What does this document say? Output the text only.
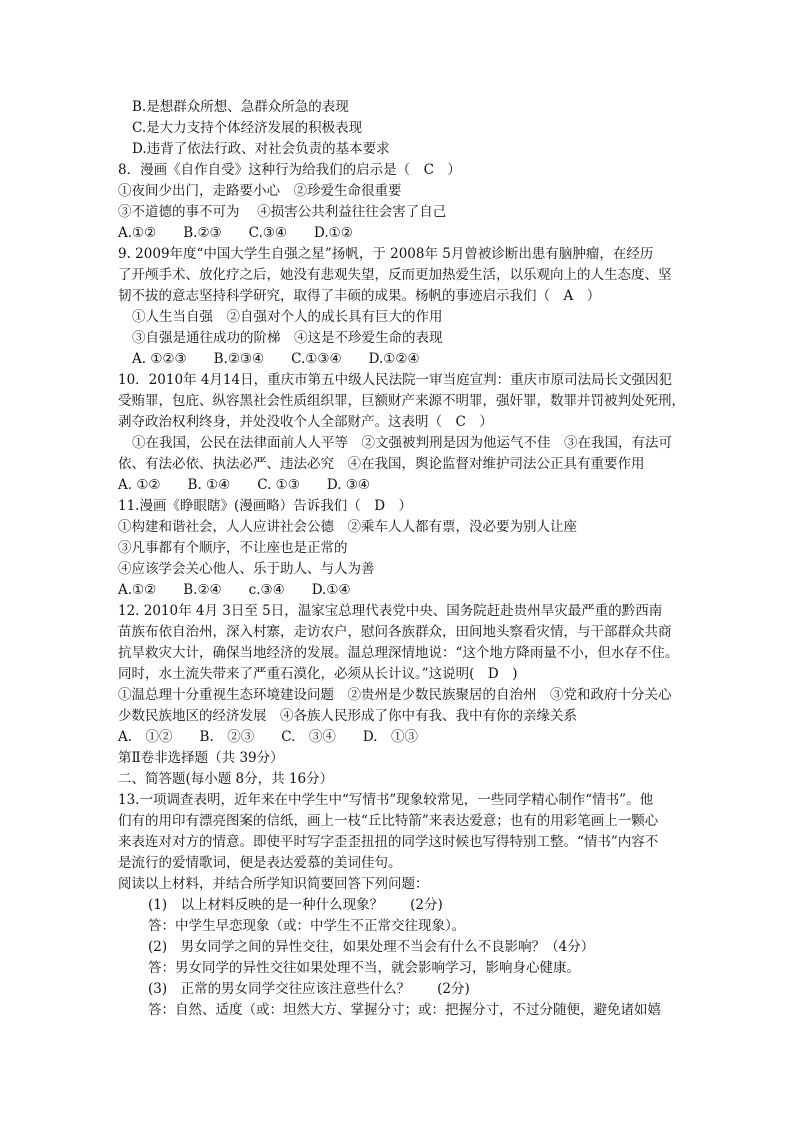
B.是想群众所想、急群众所急的表现
C.是大力支持个体经济发展的积极表现
D.违背了依法行政、对社会负责的基本要求
8．漫画《自作自受》这种行为给我们的启示是（　C　）
①夜间少出门，走路要小心　②珍爱生命很重要
③不道德的事不可为　 ④损害公共利益往往会害了自己
A.①②　　B.②③　　C.③④　　D.①②
9. 2009年度“中国大学生自强之星”扬帆，于 2008年 5月曾被诊断出患有脑肿瘤，在经历
了开颅手术、放化疗之后，她没有悲观失望，反而更加热爱生活，以乐观向上的人生态度、坚
韧不拔的意志坚持科学研究，取得了丰硕的成果。杨帆的事迹启示我们（　A　）
①人生当自强　②自强对个人的成长具有巨大的作用
③自强是通往成功的阶梯　④这是不珍爱生命的表现
A. ①②③　　B.②③④　　C.①③④　　D.①②④
10．2010年 4月14日，重庆市第五中级人民法院一审当庭宣判：重庆市原司法局长文强因犯
受贿罪，包庇、纵容黑社会性质组织罪，巨额财产来源不明罪，强奸罪，数罪并罚被判处死刑，
剥夺政治权利终身，并处没收个人全部财产。这表明（　C　）
①在我国，公民在法律面前人人平等　②文强被判刑是因为他运气不佳　③在我国，有法可
依、有法必依、执法必严、违法必究　④在我国，舆论监督对维护司法公正具有重要作用
A. ①②　　B. ①④　　C. ①③　　D. ③④
11.漫画《睁眼瞎》(漫画略）告诉我们（　D　）
①构建和谐社会，人人应讲社会公德　②乘车人人都有票，没必要为别人让座
③凡事都有个顺序，不让座也是正常的
④应该学会关心他人、乐于助人、与人为善
A.①②　　B.②④　　c.③④　　D.①④
12. 2010年 4月 3日至 5日，温家宝总理代表党中央、国务院赶赴贵州旱灾最严重的黔西南
苗族布依自治州，深入村寨，走访农户，慰问各族群众，田间地头察看灾情，与干部群众共商
抗旱救灾大计，确保当地经济的发展。温总理深情地说：“这个地方降雨量不小，但水存不住。
同时，水土流失带来了严重石漠化，必须从长计议。”这说明(　D　)
①温总理十分重视生态环境建设问题　②贵州是少数民族聚居的自治州　③党和政府十分关心
少数民族地区的经济发展　④各族人民形成了你中有我、我中有你的亲缘关系
A.　①②　　B.　②③　　C.　③④　　D.　①③
第Ⅱ卷非选择题（共 39分）
二、简答题(每小题 8分，共 16分）
13.一项调查表明，近年来在中学生中“写情书”现象较常见，一些同学精心制作“情书”。他
们有的用印有漂亮图案的信纸，画上一枝“丘比特箭”来表达爱意；也有的用彩笔画上一颗心
来表连对对方的情意。即使平时写字歪歪扭扭的同学这时候也写得特别工整。“情书”内容不
是流行的爱情歌词，便是表达爱慕的美词佳句。
阅读以上材料，并结合所学知识简要回答下列问题：
(1)　以上材料反映的是一种什么现象？　　(2分)
答：中学生早恋现象（或：中学生不正常交往现象）。
(2)　男女同学之间的异性交往，如果处理不当会有什么不良影响？（4分）
答：男女同学的异性交往如果处理不当，就会影响学习，影响身心健康。
(3)　正常的男女同学交往应该注意些什么？　　(2分)
答：自然、适度（或：坦然大方、掌握分寸；或：把握分寸，不过分随便，避免诸如嬉
